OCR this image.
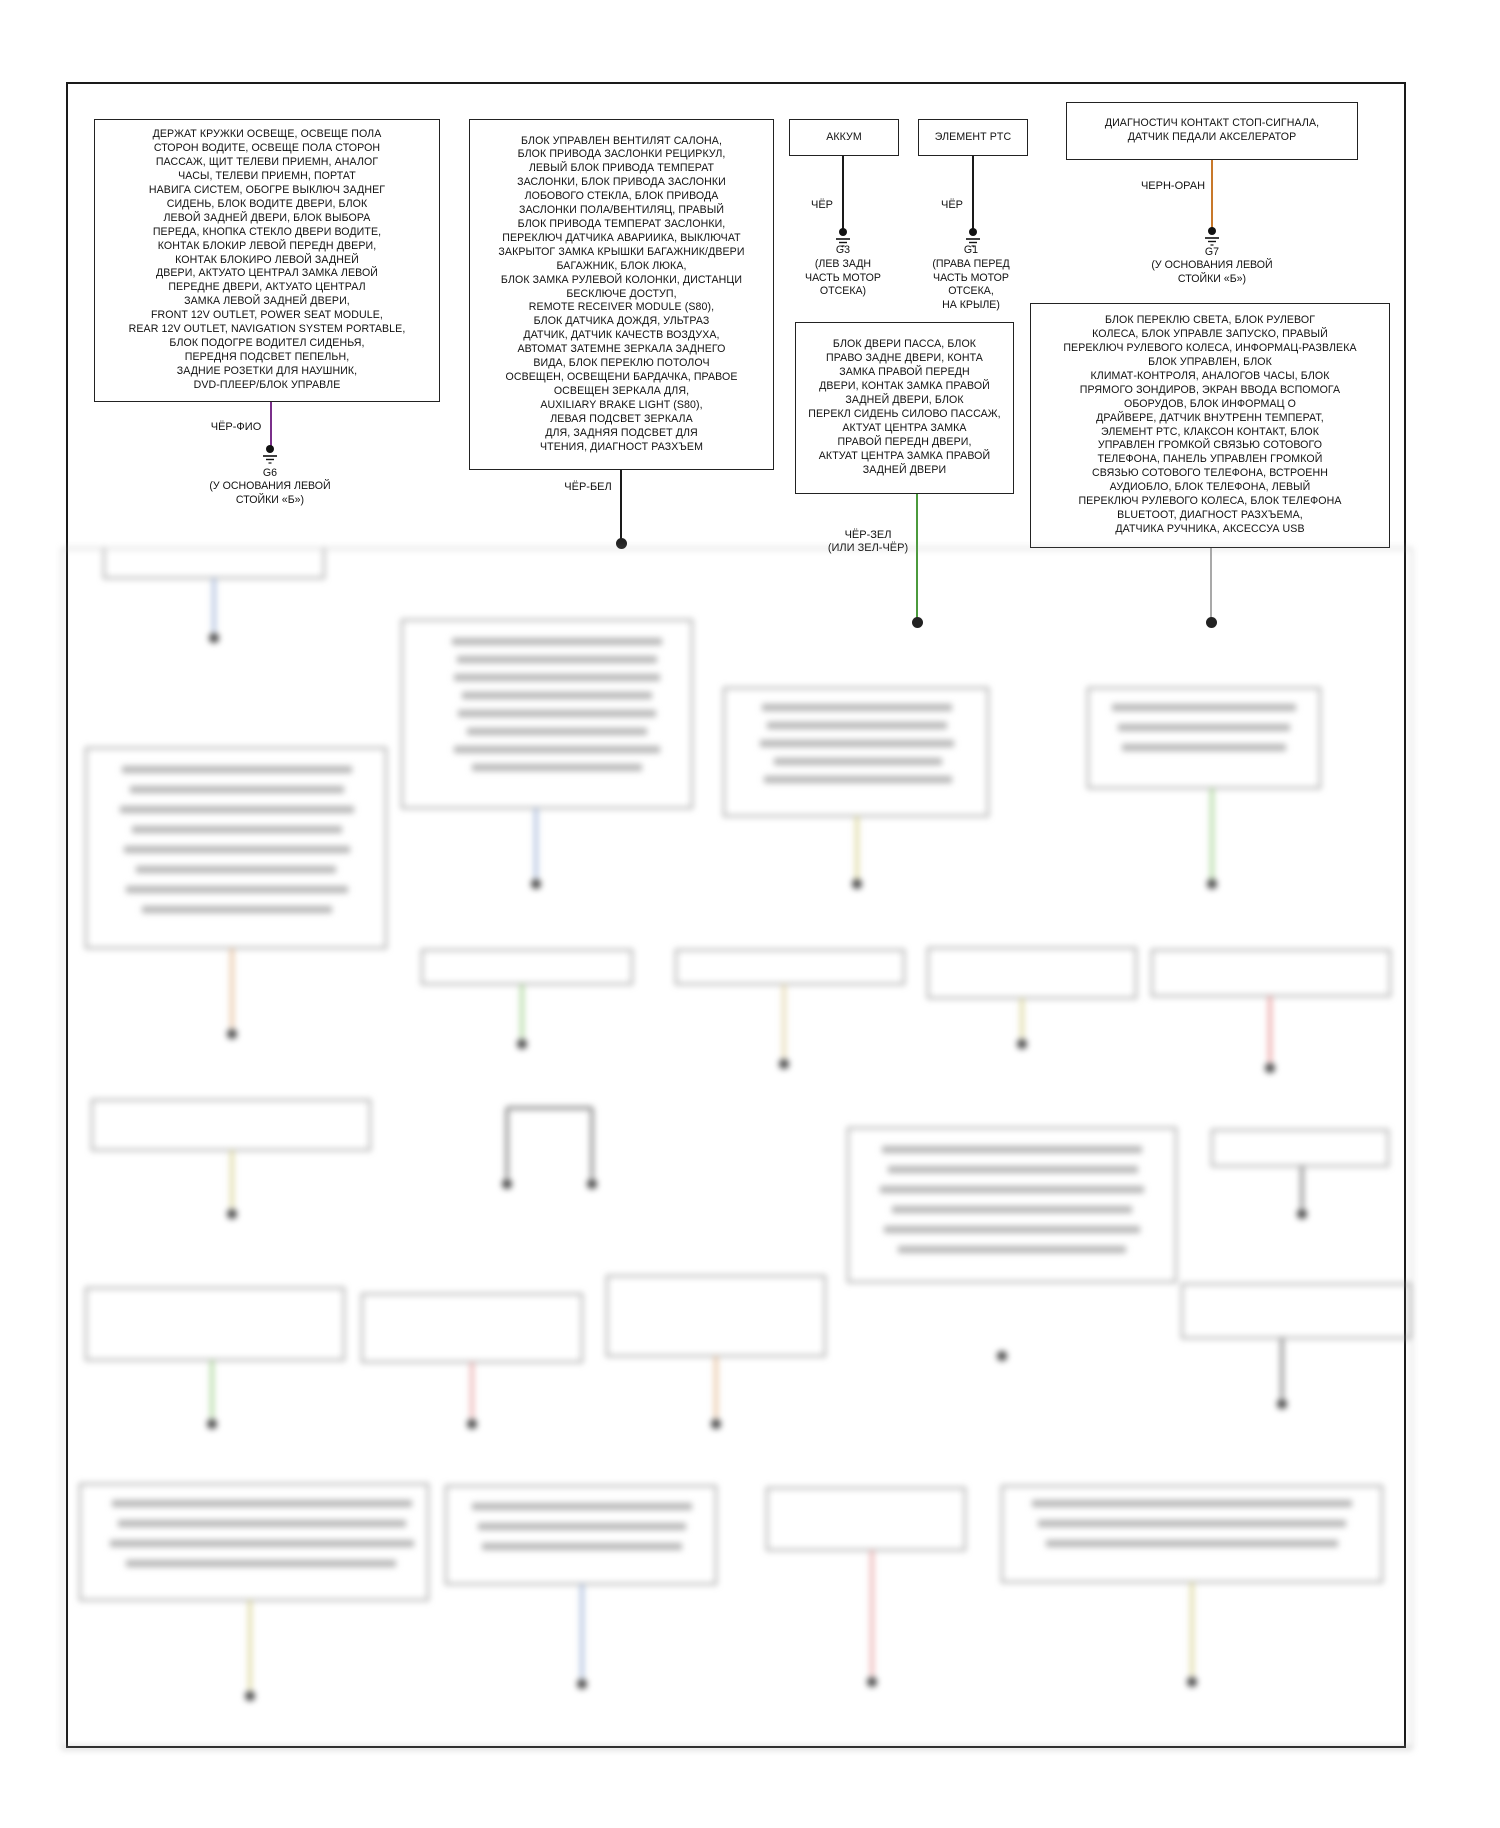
ДЕРЖАТ КРУЖКИ ОСВЕЩЕ, ОСВЕЩЕ ПОЛА
СТОРОН ВОДИТЕ, ОСВЕЩЕ ПОЛА СТОРОН
ПАССАЖ, ЩИТ ТЕЛЕВИ ПРИЕМН, АНАЛОГ
ЧАСЫ, ТЕЛЕВИ ПРИЕМН, ПОРТАТ
НАВИГА СИСТЕМ, ОБОГРЕ ВЫКЛЮЧ ЗАДНЕГ
СИДЕНЬ, БЛОК ВОДИТЕ ДВЕРИ, БЛОК
ЛЕВОЙ ЗАДНЕЙ ДВЕРИ, БЛОК ВЫБОРА
ПЕРЕДА, КНОПКА СТЕКЛО ДВЕРИ ВОДИТЕ,
КОНТАК БЛОКИР ЛЕВОЙ ПЕРЕДН ДВЕРИ,
КОНТАК БЛОКИРО ЛЕВОЙ ЗАДНЕЙ
ДВЕРИ, АКТУАТО ЦЕНТРАЛ ЗАМКА ЛЕВОЙ
ПЕРЕДНЕ ДВЕРИ, АКТУАТО ЦЕНТРАЛ
ЗАМКА ЛЕВОЙ ЗАДНЕЙ ДВЕРИ,
FRONT 12V OUTLET, POWER SEAT MODULE,
REAR 12V OUTLET, NAVIGATION SYSTEM PORTABLE,
БЛОК ПОДОГРЕ ВОДИТЕЛ СИДЕНЬЯ,
ПЕРЕДНЯ ПОДСВЕТ ПЕПЕЛЬН,
ЗАДНИЕ РОЗЕТКИ ДЛЯ НАУШНИК,
DVD-ПЛЕЕР/БЛОК УПРАВЛЕ
ЧЁР-ФИО
G6
(У ОСНОВАНИЯ ЛЕВОЙ
СТОЙКИ «Б»)
БЛОК УПРАВЛЕН ВЕНТИЛЯТ САЛОНА,
БЛОК ПРИВОДА ЗАСЛОНКИ РЕЦИРКУЛ,
ЛЕВЫЙ БЛОК ПРИВОДА ТЕМПЕРАТ
ЗАСЛОНКИ, БЛОК ПРИВОДА ЗАСЛОНКИ
ЛОБОВОГО СТЕКЛА, БЛОК ПРИВОДА
ЗАСЛОНКИ ПОЛА/ВЕНТИЛЯЦ, ПРАВЫЙ
БЛОК ПРИВОДА ТЕМПЕРАТ ЗАСЛОНКИ,
ПЕРЕКЛЮЧ ДАТЧИКА АВАРИИКА, ВЫКЛЮЧАТ
ЗАКРЫТОГ ЗАМКА КРЫШКИ БАГАЖНИК/ДВЕРИ
БАГАЖНИК, БЛОК ЛЮКА,
БЛОК ЗАМКА РУЛЕВОЙ КОЛОНКИ, ДИСТАНЦИ
БЕСКЛЮЧЕ ДОСТУП,
REMOTE RECEIVER MODULE (S80),
БЛОК ДАТЧИКА ДОЖДЯ, УЛЬТРАЗ
ДАТЧИК, ДАТЧИК КАЧЕСТВ ВОЗДУХА,
АВТОМАТ ЗАТЕМНЕ ЗЕРКАЛА ЗАДНЕГО
ВИДА, БЛОК ПЕРЕКЛЮ ПОТОЛОЧ
ОСВЕЩЕН, ОСВЕЩЕНИ БАРДАЧКА, ПРАВОЕ
ОСВЕЩЕН ЗЕРКАЛА ДЛЯ,
AUXILIARY BRAKE LIGHT (S80),
ЛЕВАЯ ПОДСВЕТ ЗЕРКАЛА
ДЛЯ, ЗАДНЯЯ ПОДСВЕТ ДЛЯ
ЧТЕНИЯ, ДИАГНОСТ РАЗХЪЕМ
ЧЁР-БЕЛ
АККУМ
ЧЁР
G3
(ЛЕВ ЗАДН
ЧАСТЬ МОТОР
ОТСЕКА)
ЭЛЕМЕНТ PTC
ЧЁР
G1
(ПРАВА ПЕРЕД
ЧАСТЬ МОТОР
ОТСЕКА,
НА КРЫЛЕ)
ДИАГНОСТИЧ КОНТАКТ СТОП-СИГНАЛА,
ДАТЧИК ПЕДАЛИ АКСЕЛЕРАТОР
ЧЕРН-ОРАН
G7
(У ОСНОВАНИЯ ЛЕВОЙ
СТОЙКИ «Б»)
БЛОК ДВЕРИ ПАССА, БЛОК
ПРАВО ЗАДНЕ ДВЕРИ, КОНТА
ЗАМКА ПРАВОЙ ПЕРЕДН
ДВЕРИ, КОНТАК ЗАМКА ПРАВОЙ
ЗАДНЕЙ ДВЕРИ, БЛОК
ПЕРЕКЛ СИДЕНЬ СИЛОВО ПАССАЖ,
АКТУАТ ЦЕНТРА ЗАМКА
ПРАВОЙ ПЕРЕДН ДВЕРИ,
АКТУАТ ЦЕНТРА ЗАМКА ПРАВОЙ
ЗАДНЕЙ ДВЕРИ
ЧЁР-ЗЕЛ
(ИЛИ ЗЕЛ-ЧЁР)
БЛОК ПЕРЕКЛЮ СВЕТА, БЛОК РУЛЕВОГ
КОЛЕСА, БЛОК УПРАВЛЕ ЗАПУСКО, ПРАВЫЙ
ПЕРЕКЛЮЧ РУЛЕВОГО КОЛЕСА, ИНФОРМАЦ-РАЗВЛЕКА
БЛОК УПРАВЛЕН, БЛОК
КЛИМАТ-КОНТРОЛЯ, АНАЛОГОВ ЧАСЫ, БЛОК
ПРЯМОГО ЗОНДИРОВ, ЭКРАН ВВОДА ВСПОМОГА
ОБОРУДОВ, БЛОК ИНФОРМАЦ О
ДРАЙВЕРЕ, ДАТЧИК ВНУТРЕНН ТЕМПЕРАТ,
ЭЛЕМЕНТ PTC, КЛАКСОН КОНТАКТ, БЛОК
УПРАВЛЕН ГРОМКОЙ СВЯЗЬЮ СОТОВОГО
ТЕЛЕФОНА, ПАНЕЛЬ УПРАВЛЕН ГРОМКОЙ
СВЯЗЬЮ СОТОВОГО ТЕЛЕФОНА, ВСТРОЕНН
АУДИОБЛО, БЛОК ТЕЛЕФОНА, ЛЕВЫЙ
ПЕРЕКЛЮЧ РУЛЕВОГО КОЛЕСА, БЛОК ТЕЛЕФОНА
BLUETOOT, ДИАГНОСТ РАЗХЪЕМА,
ДАТЧИКА РУЧНИКА, АКСЕССУА USB
